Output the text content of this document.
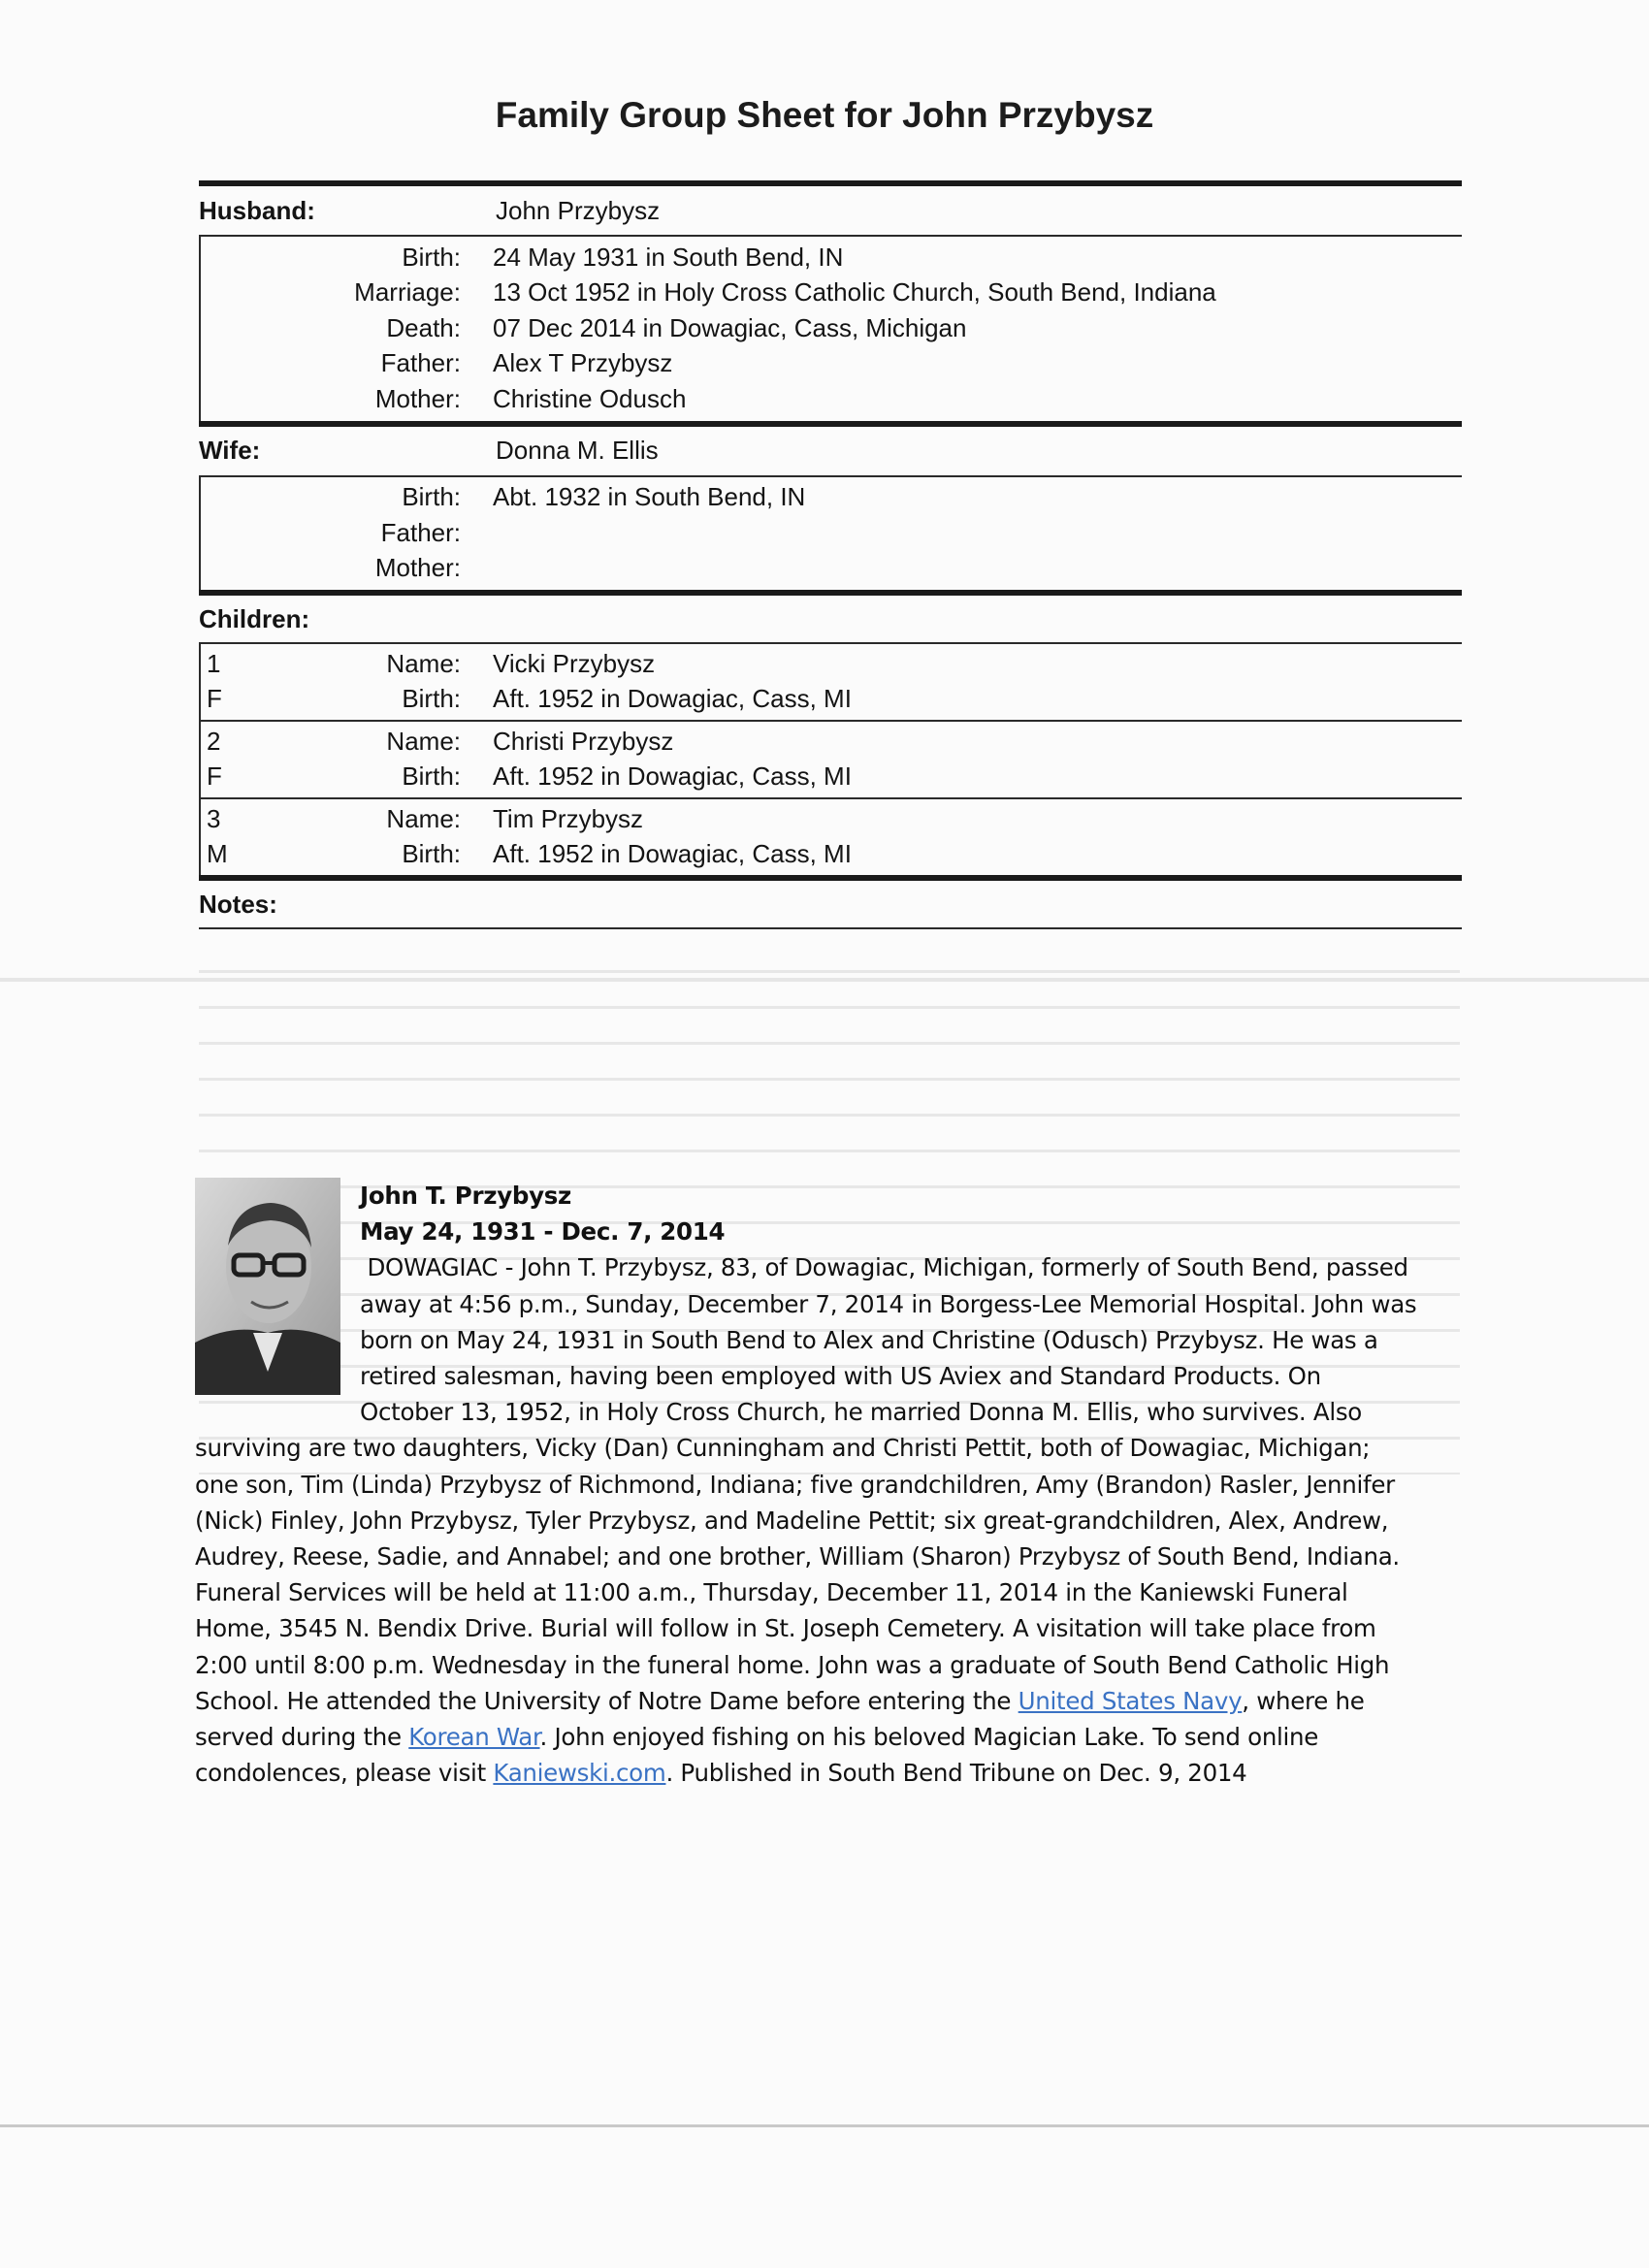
Family Group Sheet for John Przybysz
Husband:	John Przybysz
Birth: 24 May 1931 in South Bend, IN
Marriage: 13 Oct 1952 in Holy Cross Catholic Church, South Bend, Indiana
Death: 07 Dec 2014 in Dowagiac, Cass, Michigan
Father: Alex T Przybysz
Mother: Christine Odusch
Wife:	Donna M. Ellis
Birth: Abt. 1932 in South Bend, IN
Father:
Mother:
Children:
1	Name: Vicki Przybysz
F	Birth: Aft. 1952 in Dowagiac, Cass, MI
2	Name: Christi Przybysz
F	Birth: Aft. 1952 in Dowagiac, Cass, MI
3	Name: Tim Przybysz
M	Birth: Aft. 1952 in Dowagiac, Cass, MI
Notes:
John T. Przybysz
May 24, 1931 - Dec. 7, 2014
DOWAGIAC - John T. Przybysz, 83, of Dowagiac, Michigan, formerly of South Bend, passed
away at 4:56 p.m., Sunday, December 7, 2014 in Borgess-Lee Memorial Hospital. John was
born on May 24, 1931 in South Bend to Alex and Christine (Odusch) Przybysz. He was a
retired salesman, having been employed with US Aviex and Standard Products. On
October 13, 1952, in Holy Cross Church, he married Donna M. Ellis, who survives. Also
surviving are two daughters, Vicky (Dan) Cunningham and Christi Pettit, both of Dowagiac, Michigan;
one son, Tim (Linda) Przybysz of Richmond, Indiana; five grandchildren, Amy (Brandon) Rasler, Jennifer
(Nick) Finley, John Przybysz, Tyler Przybysz, and Madeline Pettit; six great-grandchildren, Alex, Andrew,
Audrey, Reese, Sadie, and Annabel; and one brother, William (Sharon) Przybysz of South Bend, Indiana.
Funeral Services will be held at 11:00 a.m., Thursday, December 11, 2014 in the Kaniewski Funeral
Home, 3545 N. Bendix Drive. Burial will follow in St. Joseph Cemetery. A visitation will take place from
2:00 until 8:00 p.m. Wednesday in the funeral home. John was a graduate of South Bend Catholic High
School. He attended the University of Notre Dame before entering the United States Navy, where he
served during the Korean War. John enjoyed fishing on his beloved Magician Lake. To send online
condolences, please visit Kaniewski.com. Published in South Bend Tribune on Dec. 9, 2014
